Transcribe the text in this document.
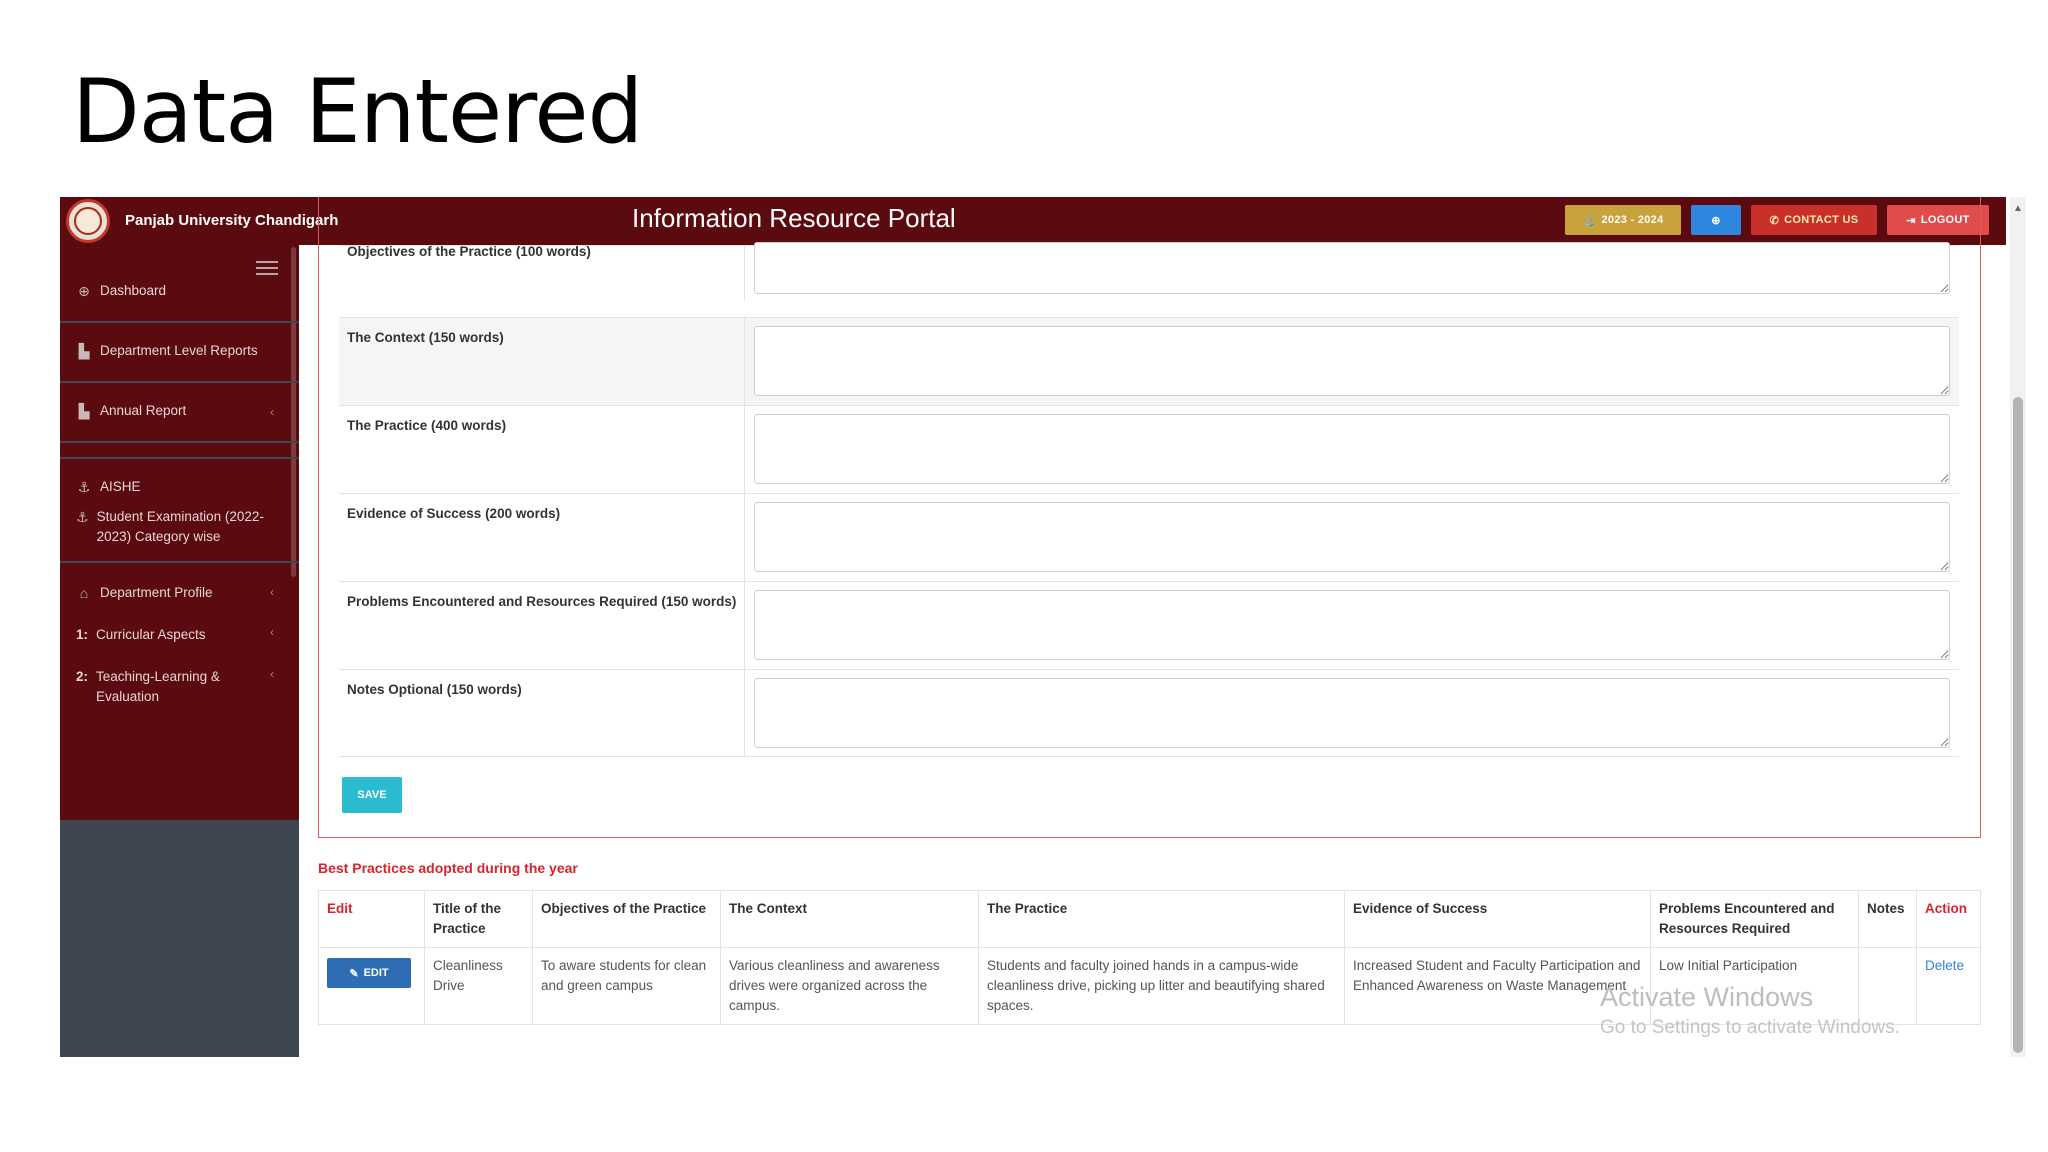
Data Entered
Panjab University Chandigarh	Information Resource Portal	⚓ 2023 - 2024	⊕	✆ CONTACT US	⇥ LOGOUT
⊕ Dashboard
▙ Department Level Reports
▙ Annual Report	‹
⚓ AISHE
⚓ Student Examination (2022-2023) Category wise
⌂ Department Profile	‹
1: Curricular Aspects	‹
2: Teaching-Learning & Evaluation
‹
Objectives of the Practice (100 words)
The Context (150 words)
The Practice (400 words)
Evidence of Success (200 words)
Problems Encountered and Resources Required (150 words)
Notes Optional (150 words)
SAVE
Best Practices adopted during the year
Edit	Title of the Practice	Objectives of the Practice	The Context	The Practice	Evidence of Success	Problems Encountered and Resources Required	Notes	Action

✎ EDIT	Cleanliness Drive	To aware students for clean and green campus	Various cleanliness and awareness drives were organized across the campus.	Students and faculty joined hands in a campus-wide cleanliness drive, picking up litter and beautifying shared spaces.	Increased Student and Faculty Participation and Enhanced Awareness on Waste Management	Low Initial Participation		Delete
▲
Activate Windows
Go to Settings to activate Windows.
